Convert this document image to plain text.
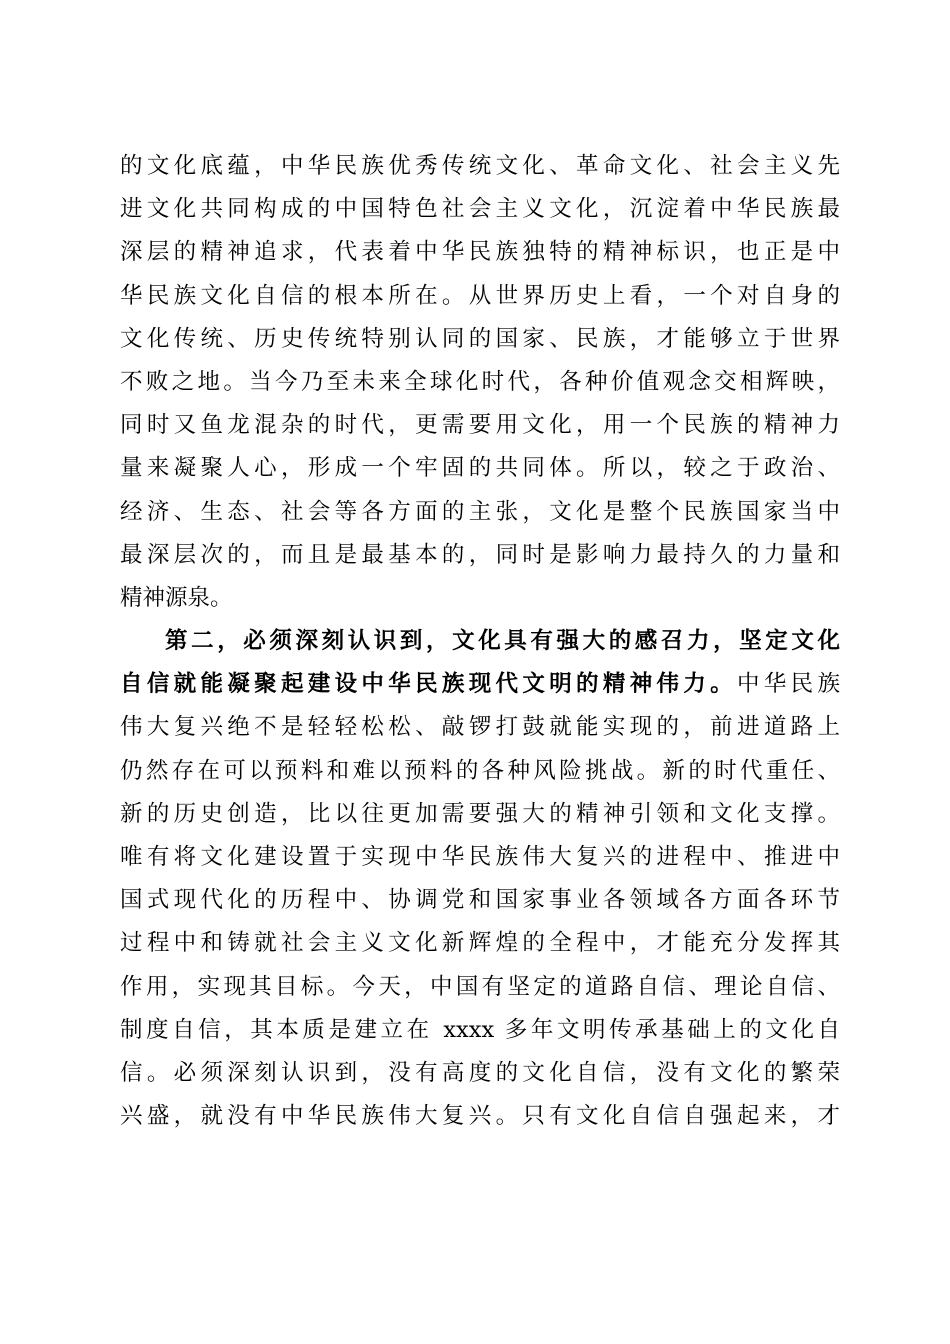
的文化底蕴，中华民族优秀传统文化、革命文化、社会主义先
进文化共同构成的中国特色社会主义文化，沉淀着中华民族最
深层的精神追求，代表着中华民族独特的精神标识，也正是中
华民族文化自信的根本所在。从世界历史上看，一个对自身的
文化传统、历史传统特别认同的国家、民族，才能够立于世界
不败之地。当今乃至未来全球化时代，各种价值观念交相辉映，
同时又鱼龙混杂的时代，更需要用文化，用一个民族的精神力
量来凝聚人心，形成一个牢固的共同体。所以，较之于政治、
经济、生态、社会等各方面的主张，文化是整个民族国家当中
最深层次的，而且是最基本的，同时是影响力最持久的力量和
精神源泉。
第二，必须深刻认识到，文化具有强大的感召力，坚定文化
自信就能凝聚起建设中华民族现代文明的精神伟力。中华民族
伟大复兴绝不是轻轻松松、敲锣打鼓就能实现的，前进道路上
仍然存在可以预料和难以预料的各种风险挑战。新的时代重任、
新的历史创造，比以往更加需要强大的精神引领和文化支撑。
唯有将文化建设置于实现中华民族伟大复兴的进程中、推进中
国式现代化的历程中、协调党和国家事业各领域各方面各环节
过程中和铸就社会主义文化新辉煌的全程中，才能充分发挥其
作用，实现其目标。今天，中国有坚定的道路自信、理论自信、
制度自信，其本质是建立在 xxxx 多年文明传承基础上的文化自
信。必须深刻认识到，没有高度的文化自信，没有文化的繁荣
兴盛，就没有中华民族伟大复兴。只有文化自信自强起来，才
